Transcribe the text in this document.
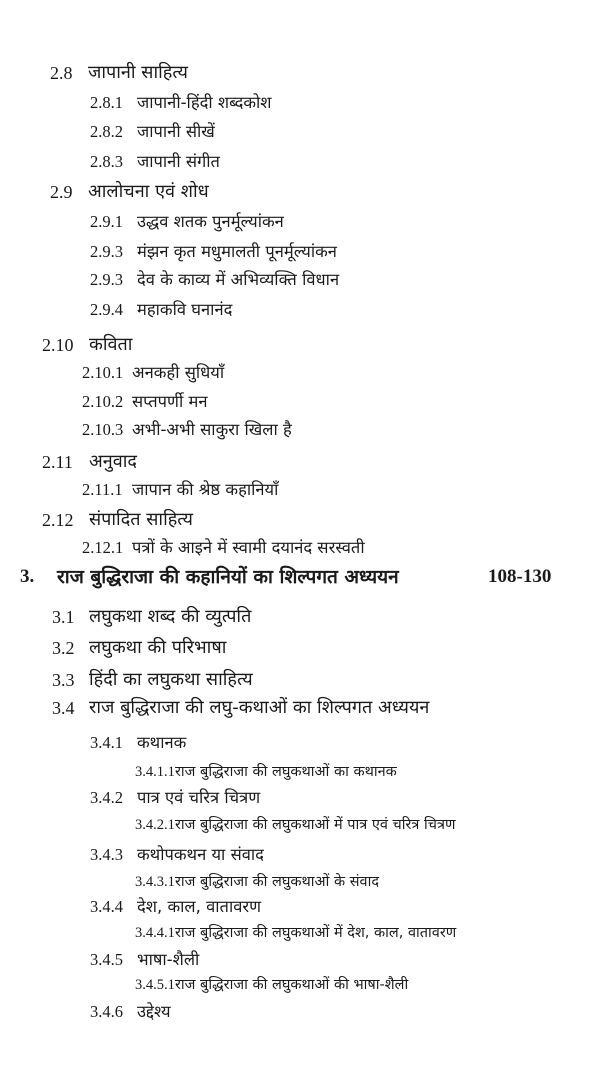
2.8 जापानी साहित्य
2.8.1 जापानी-हिंदी शब्दकोश
2.8.2 जापानी सीखें
2.8.3 जापानी संगीत
2.9 आलोचना एवं शोध
2.9.1 उद्धव शतक पुनर्मूल्यांकन
2.9.3 मंझन कृत मधुमालती पूनर्मूल्यांकन
2.9.3 देव के काव्य में अभिव्यक्ति विधान
2.9.4 महाकवि घनानंद
2.10 कविता
2.10.1 अनकही सुधियाँ
2.10.2 सप्तपर्णी मन
2.10.3 अभी-अभी साकुरा खिला है
2.11 अनुवाद
2.11.1 जापान की श्रेष्ठ कहानियाँ
2.12 संपादित साहित्य
2.12.1 पत्रों के आइने में स्वामी दयानंद सरस्वती
3. राज बुद्धिराजा की कहानियों का शिल्पगत अध्ययन	108-130
3.1 लघुकथा शब्द की व्युत्पति
3.2 लघुकथा की परिभाषा
3.3 हिंदी का लघुकथा साहित्य
3.4 राज बुद्धिराजा की लघु-कथाओं का शिल्पगत अध्ययन
3.4.1 कथानक
3.4.1.1 राज बुद्धिराजा की लघुकथाओं का कथानक
3.4.2 पात्र एवं चरित्र चित्रण
3.4.2.1 राज बुद्धिराजा की लघुकथाओं में पात्र एवं चरित्र चित्रण
3.4.3 कथोपकथन या संवाद
3.4.3.1 राज बुद्धिराजा की लघुकथाओं के संवाद
3.4.4 देश, काल, वातावरण
3.4.4.1 राज बुद्धिराजा की लघुकथाओं में देश, काल, वातावरण
3.4.5 भाषा-शैली
3.4.5.1 राज बुद्धिराजा की लघुकथाओं की भाषा-शैली
3.4.6 उद्देश्य
